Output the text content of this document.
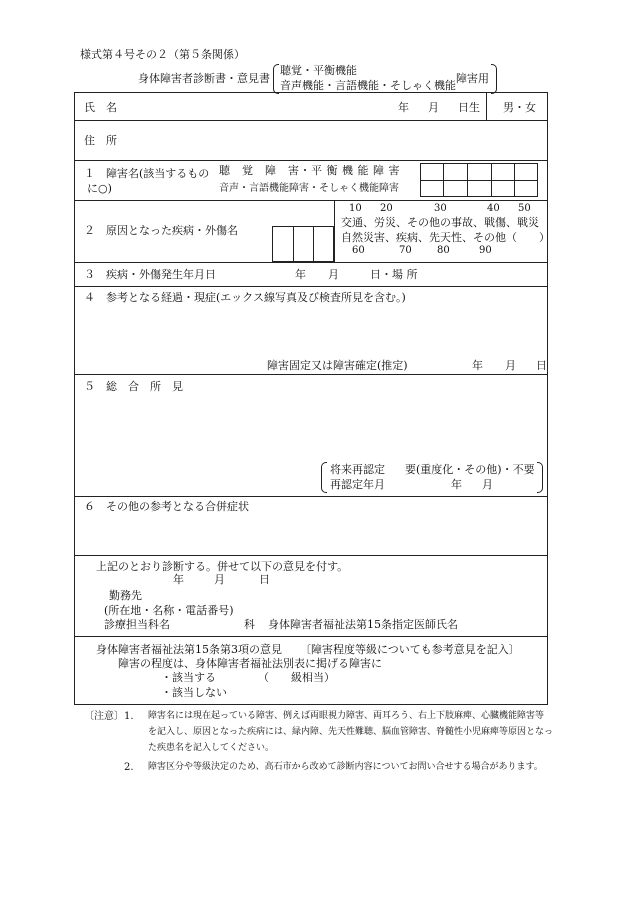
様式第４号その２（第５条関係）
身体障害者診断書・意見書
聴覚・平衡機能
音声機能・言語機能・そしゃく機能
障害用
氏　名	年 月 日生 男・女
住　所
１　障害名(該当するもの
に○)
聴　覚　障　害・平 衡 機 能 障 害
音声・言語機能障害・そしゃく機能障害
２　原因となった疾病・外傷名
10 20	30	40 50
交通、労災、その他の事故、戦傷、戦災
自然災害、疾病、先天性、その他（　　）
60	70	80	90
３　疾病・外傷発生年月日	年 月	日・場 所
４　参考となる経過・現症(エックス線写真及び検査所見を含む。)
障害固定又は障害確定(推定)	年 月 日
５　総　合　所　見
将来再認定 要(重度化・その他)・不要
再認定年月	年 月
６　その他の参考となる合併症状
上記のとおり診断する。併せて以下の意見を付す。
年	月	日
勤務先
(所在地・名称・電話番号)
診療担当科名	科 身体障害者福祉法第15条指定医師氏名
身体障害者福祉法第15条第3項の意見 〔障害程度等級についても参考意見を記入〕
障害の程度は、身体障害者福祉法別表に掲げる障害に
・該当する	（　　級相当）
・該当しない
〔注意〕 1. 障害名には現在起っている障害、例えば両眼視力障害、両耳ろう、右上下肢麻痺、心臓機能障害等
を記入し、原因となった疾病には、緑内障、先天性難聴、脳血管障害、脊髄性小児麻痺等原因となっ
た疾患名を記入してください。
2. 障害区分や等級決定のため、高石市から改めて診断内容についてお問い合せする場合があります。
